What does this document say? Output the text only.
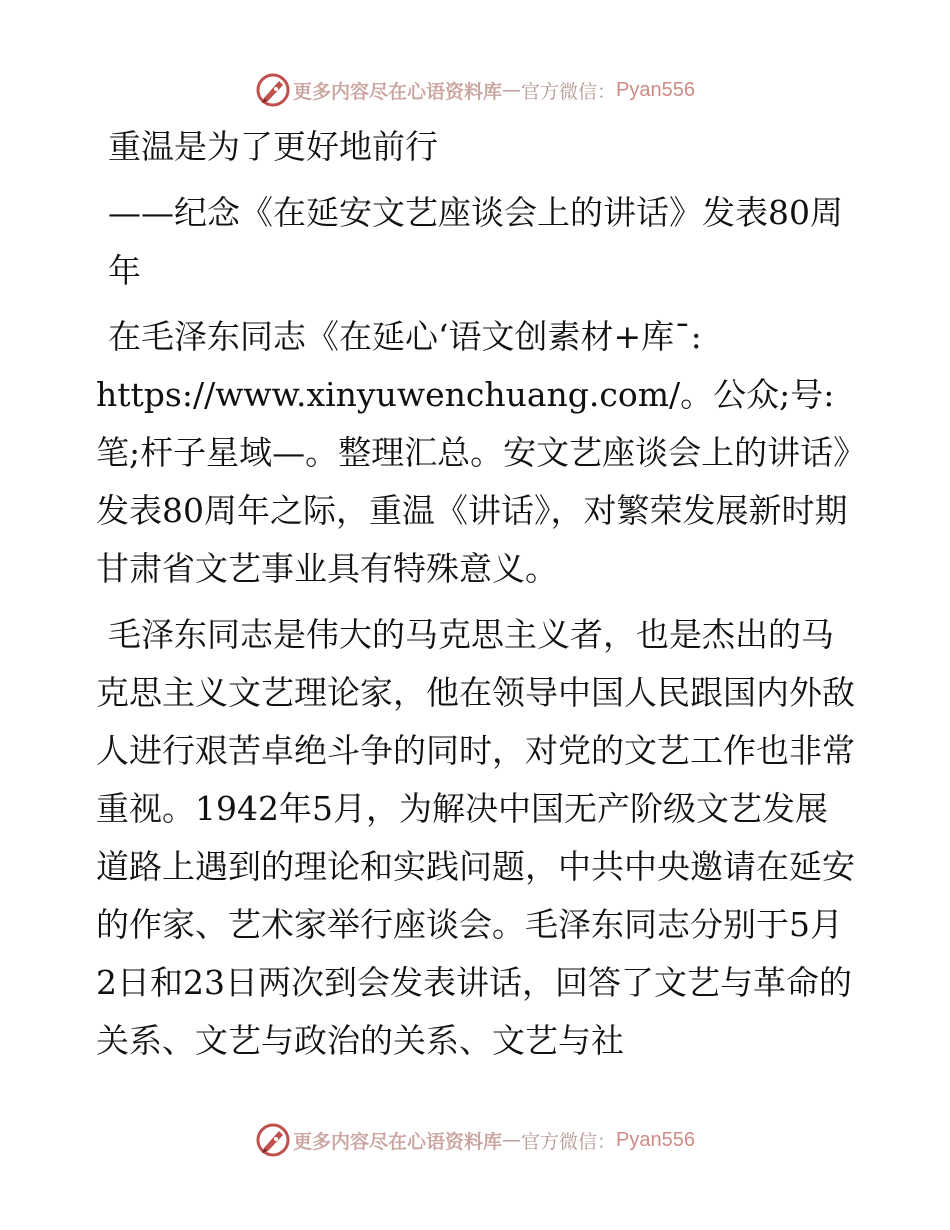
更多内容尽在心语资料库 — 官方微信： Pyan556

重温是为了更好地前行

——纪念《在延安文艺座谈会上的讲话》发表80周年

在毛泽东同志《在延心‘语文创素材+库¯: https://www.xinyuwenchuang.com/。公众;号:笔;杆子星域—。整理汇总。安文艺座谈会上的讲话》发表80周年之际，重温《讲话》，对繁荣发展新时期甘肃省文艺事业具有特殊意义。

毛泽东同志是伟大的马克思主义者，也是杰出的马克思主义文艺理论家，他在领导中国人民跟国内外敌人进行艰苦卓绝斗争的同时，对党的文艺工作也非常重视。1942年5月，为解决中国无产阶级文艺发展道路上遇到的理论和实践问题，中共中央邀请在延安的作家、艺术家举行座谈会。毛泽东同志分别于5月2日和23日两次到会发表讲话，回答了文艺与革命的关系、文艺与政治的关系、文艺与社

更多内容尽在心语资料库 — 官方微信： Pyan556
